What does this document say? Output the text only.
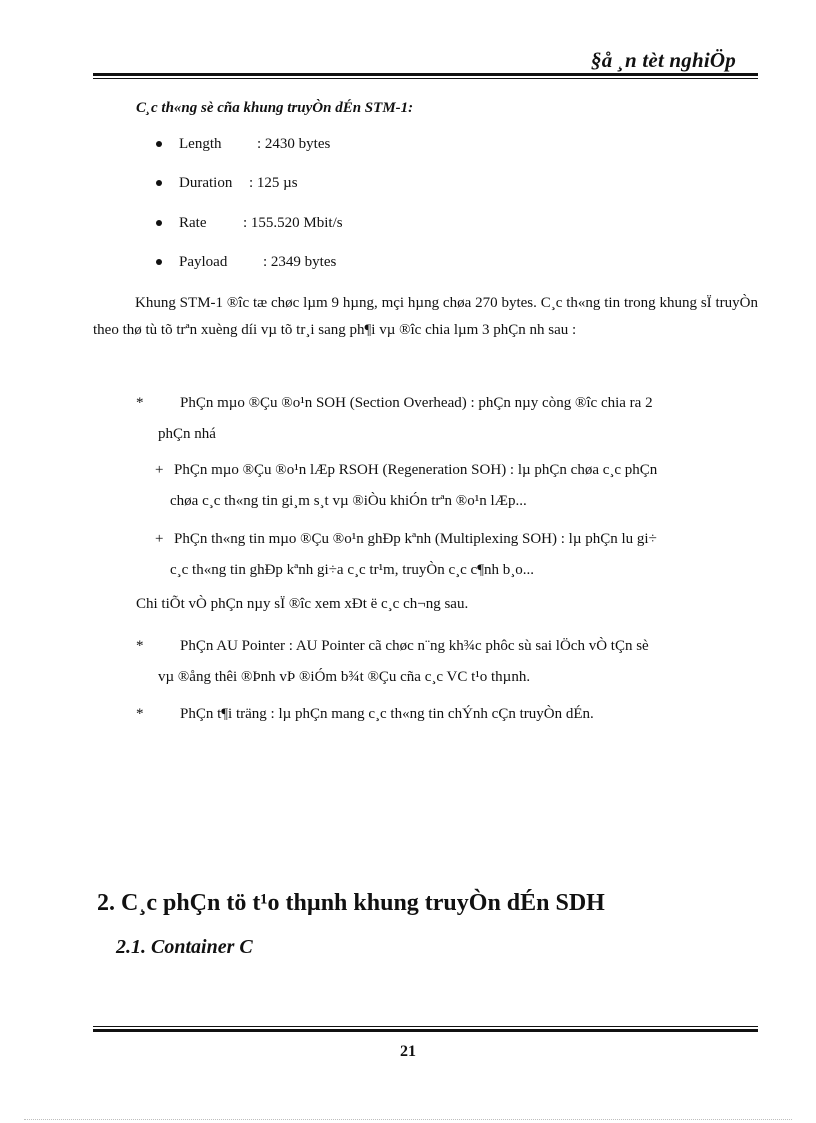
§å ¸n tèt nghiÖp
C¸c th«ng sè cña khung truyÒn dÉn STM-1:
Length : 2430 bytes
Duration : 125 µs
Rate : 155.520 Mbit/s
Payload : 2349 bytes
Khung STM-1 ®îc tæ chøc lµm 9 hµng, mçi hµng chøa 270 bytes. C¸c th«ng tin trong khung sÏ truyÒn theo thø tù tõ trªn xuèng díi vµ tõ tr¸i sang ph¶i vµ ®îc chia lµm 3 phÇn nh sau :
* PhÇn mµo ®Çu ®o¹n SOH (Section Overhead) : phÇn nµy còng ®îc chia ra 2
phÇn nhá
+ PhÇn mµo ®Çu ®o¹n lÆp RSOH (Regeneration SOH) : lµ phÇn chøa c¸c phÇn
chøa c¸c th«ng tin gi¸m s¸t vµ ®iÒu khiÓn trªn ®o¹n lÆp...
+ PhÇn th«ng tin mµo ®Çu ®o¹n ghÐp kªnh (Multiplexing SOH) : lµ phÇn lu gi÷
c¸c th«ng tin ghÐp kªnh gi÷a c¸c tr¹m, truyÒn c¸c c¶nh b¸o...
Chi tiÕt vÒ phÇn nµy sÏ ®îc xem xÐt ë c¸c ch¬ng sau.
* PhÇn AU Pointer : AU Pointer cã chøc n¨ng kh¾c phôc sù sai lÖch vÒ tÇn sè
vµ ®ång thêi ®Þnh vÞ ®iÓm b¾t ®Çu cña c¸c VC t¹o thµnh.
* PhÇn t¶i träng : lµ phÇn mang c¸c th«ng tin chÝnh cÇn truyÒn dÉn.
2. C¸c phÇn tö t¹o thµnh khung truyÒn dÉn SDH
2.1. Container C
21
